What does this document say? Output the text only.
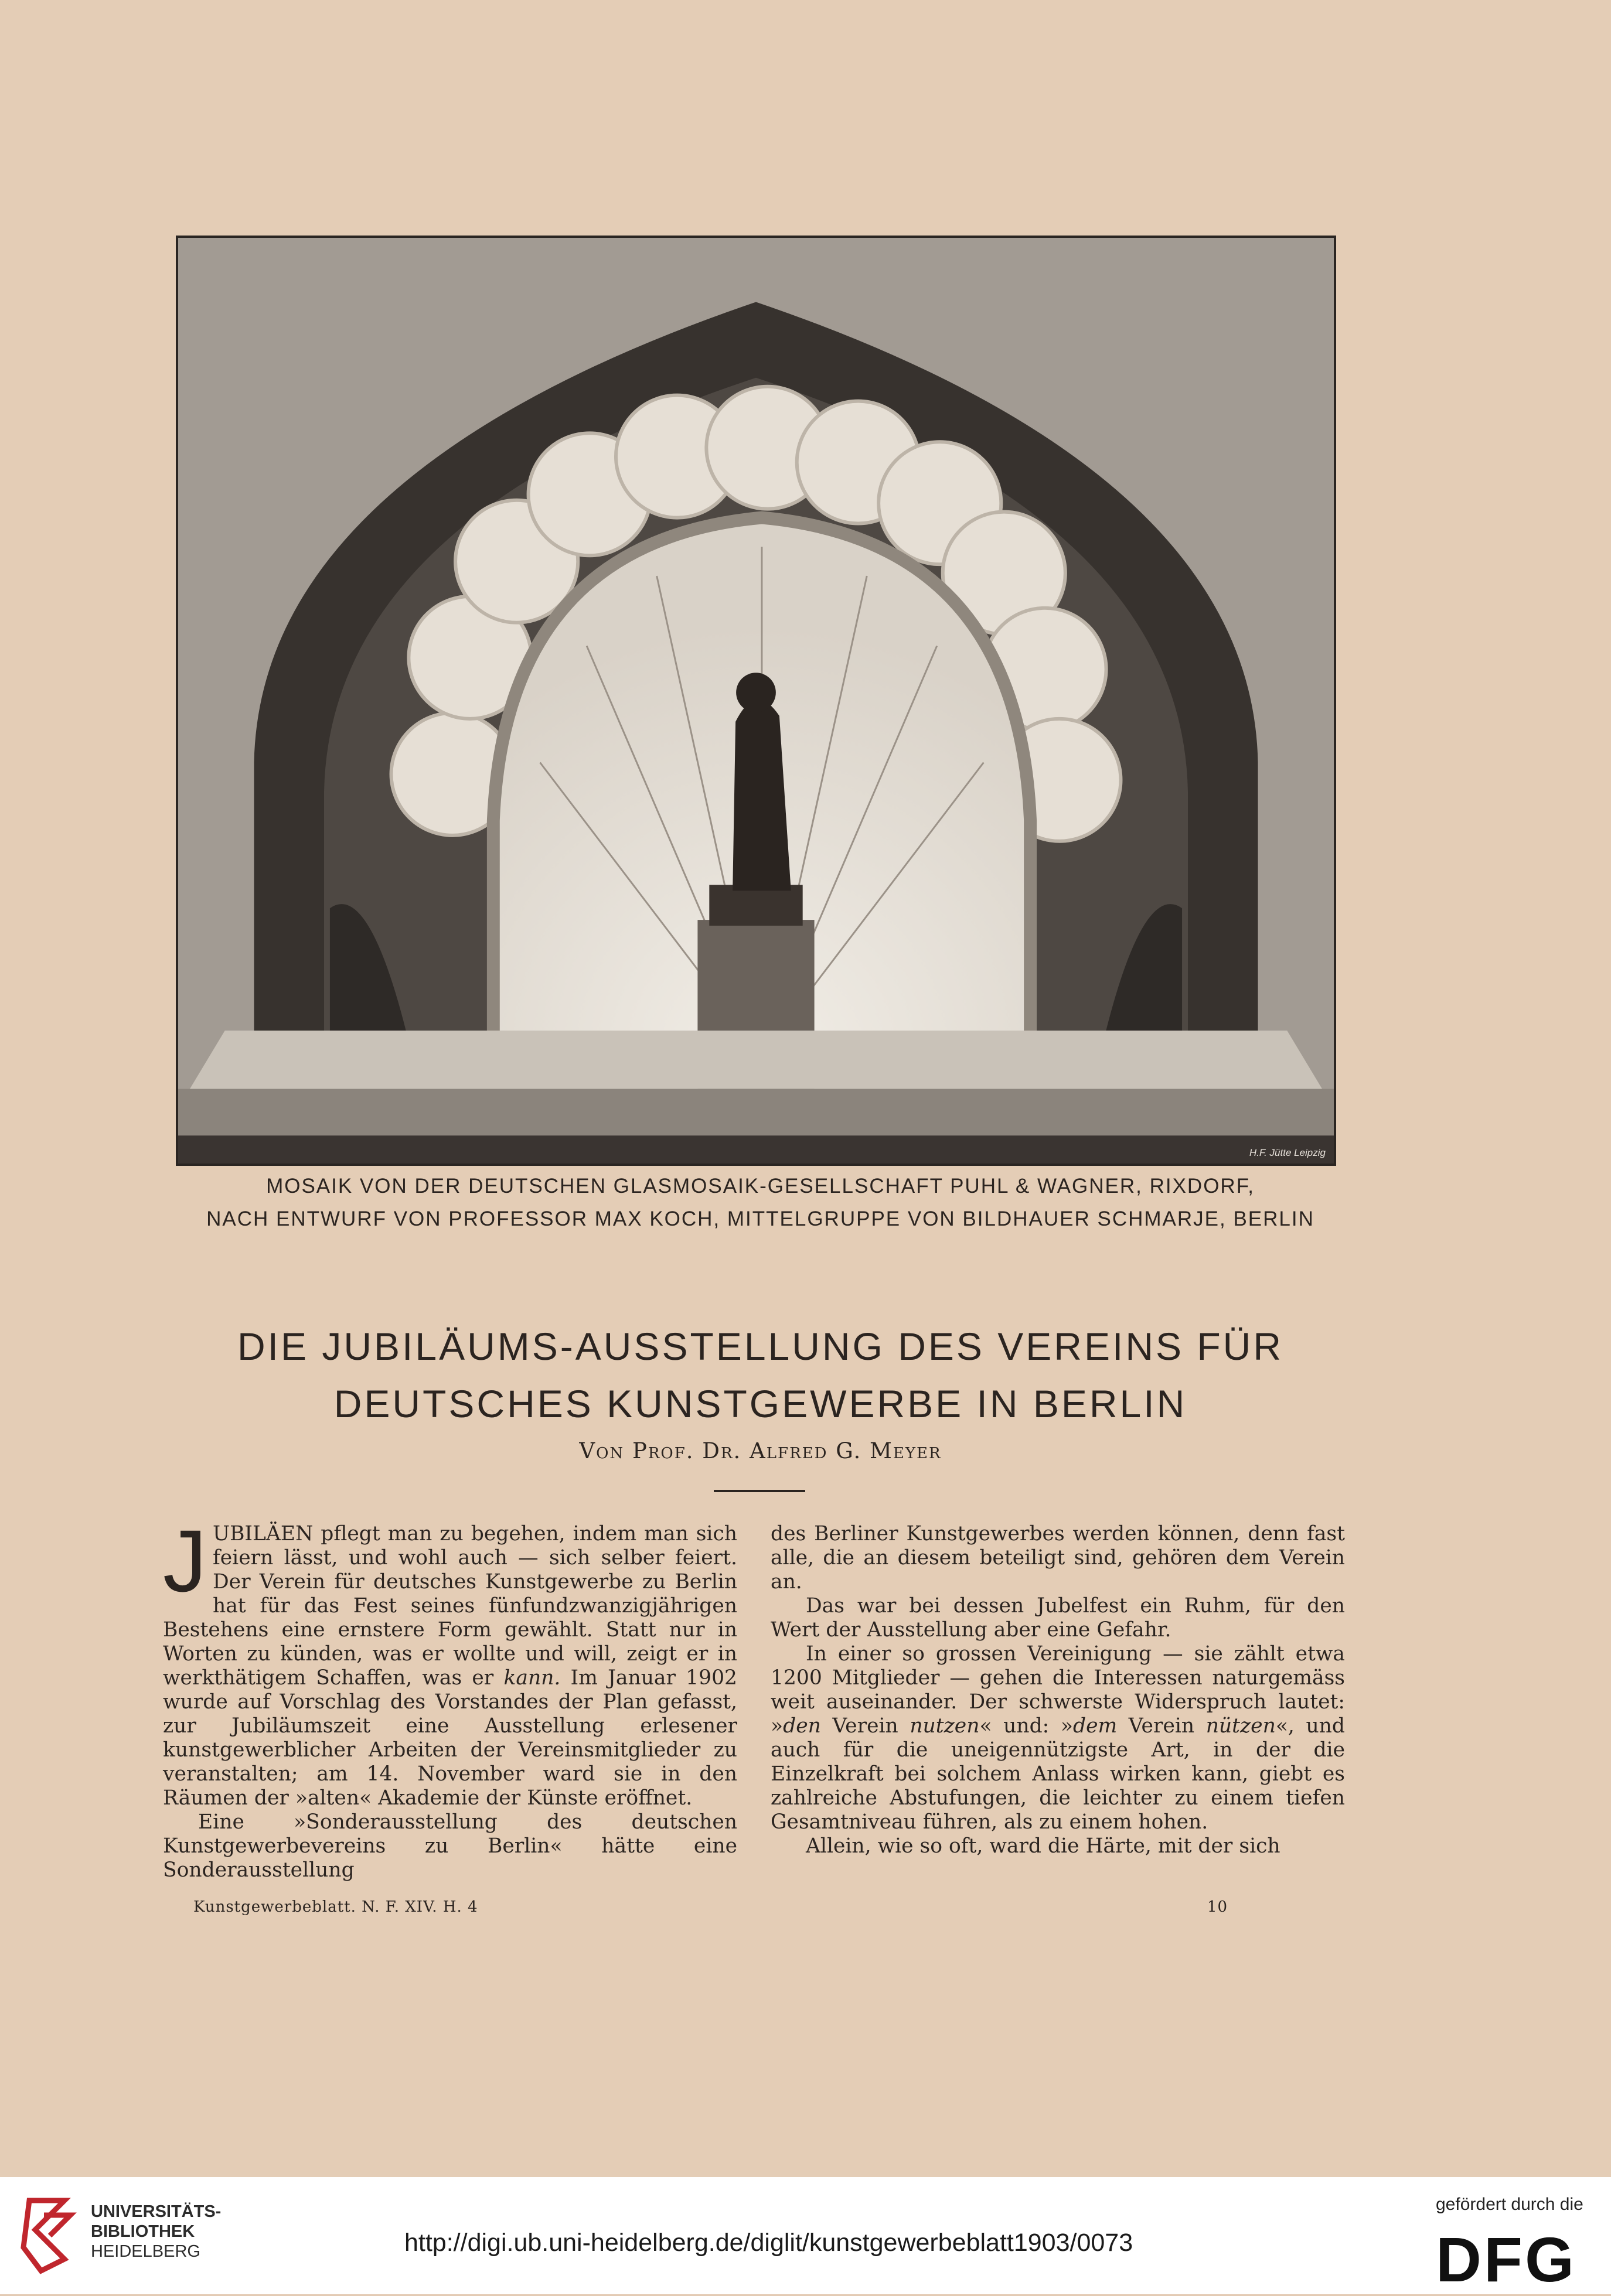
H.F. Jütte Leipzig
MOSAIK VON DER DEUTSCHEN GLASMOSAIK-GESELLSCHAFT PUHL & WAGNER, RIXDORF,
NACH ENTWURF VON PROFESSOR MAX KOCH, MITTELGRUPPE VON BILDHAUER SCHMARJE, BERLIN
DIE JUBILÄUMS-AUSSTELLUNG DES VEREINS FÜR
DEUTSCHES KUNSTGEWERBE IN BERLIN
Von Prof. Dr. Alfred G. Meyer

JUBILÄEN pflegt man zu begehen, indem man sich feiern lässt, und wohl auch — sich selber feiert. Der Verein für deutsches Kunstgewerbe zu Berlin hat für das Fest seines fünfundzwanzigjährigen Bestehens eine ernstere Form gewählt. Statt nur in Worten zu künden, was er wollte und will, zeigt er in werkthätigem Schaffen, was er kann. Im Januar 1902 wurde auf Vorschlag des Vorstandes der Plan gefasst, zur Jubiläumszeit eine Ausstellung erlesener kunstgewerblicher Arbeiten der Vereinsmitglieder zu veranstalten; am 14. November ward sie in den Räumen der »alten« Akademie der Künste eröffnet.

Eine »Sonderausstellung des deutschen Kunstgewerbevereins zu Berlin« hätte eine Sonderausstellung

des Berliner Kunstgewerbes werden können, denn fast alle, die an diesem beteiligt sind, gehören dem Verein an.

Das war bei dessen Jubelfest ein Ruhm, für den Wert der Ausstellung aber eine Gefahr.

In einer so grossen Vereinigung — sie zählt etwa 1200 Mitglieder — gehen die Interessen naturgemäss weit auseinander. Der schwerste Widerspruch lautet: »den Verein nutzen« und: »dem Verein nützen«, und auch für die uneigennützigste Art, in der die Einzelkraft bei solchem Anlass wirken kann, giebt es zahlreiche Abstufungen, die leichter zu einem tiefen Gesamtniveau führen, als zu einem hohen.

Allein, wie so oft, ward die Härte, mit der sich

Kunstgewerbeblatt. N. F. XIV. H. 4	10
UNIVERSITÄTS-
BIBLIOTHEK
HEIDELBERG	http://digi.ub.uni-heidelberg.de/diglit/kunstgewerbeblatt1903/0073
gefördert durch die
DFG
